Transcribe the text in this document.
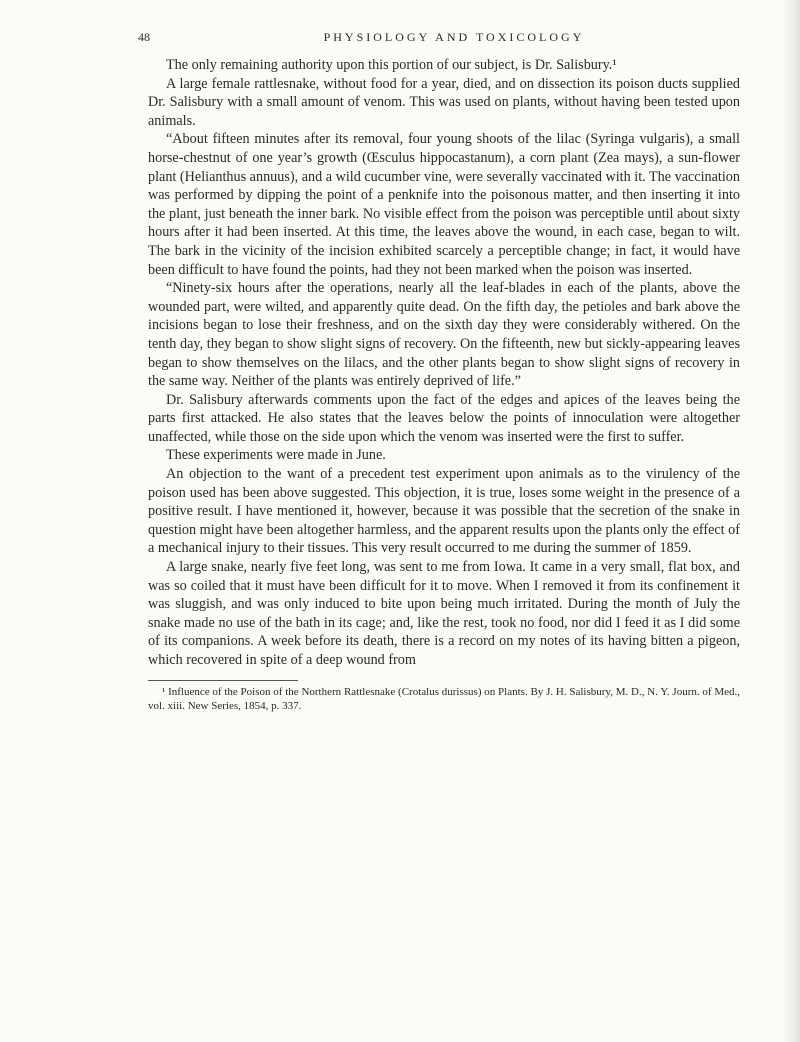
48	PHYSIOLOGY AND TOXICOLOGY

The only remaining authority upon this portion of our subject, is Dr. Salisbury.¹

A large female rattlesnake, without food for a year, died, and on dissection its poison ducts supplied Dr. Salisbury with a small amount of venom. This was used on plants, without having been tested upon animals.

“About fifteen minutes after its removal, four young shoots of the lilac (Syringa vulgaris), a small horse-chestnut of one year’s growth (Œsculus hippocastanum), a corn plant (Zea mays), a sun-flower plant (Helianthus annuus), and a wild cucumber vine, were severally vaccinated with it. The vaccination was performed by dipping the point of a penknife into the poisonous matter, and then inserting it into the plant, just beneath the inner bark. No visible effect from the poison was perceptible until about sixty hours after it had been inserted. At this time, the leaves above the wound, in each case, began to wilt. The bark in the vicinity of the incision exhibited scarcely a perceptible change; in fact, it would have been difficult to have found the points, had they not been marked when the poison was inserted.

“Ninety-six hours after the operations, nearly all the leaf-blades in each of the plants, above the wounded part, were wilted, and apparently quite dead. On the fifth day, the petioles and bark above the incisions began to lose their freshness, and on the sixth day they were considerably withered. On the tenth day, they began to show slight signs of recovery. On the fifteenth, new but sickly-appearing leaves began to show themselves on the lilacs, and the other plants began to show slight signs of recovery in the same way. Neither of the plants was entirely deprived of life.”

Dr. Salisbury afterwards comments upon the fact of the edges and apices of the leaves being the parts first attacked. He also states that the leaves below the points of innoculation were altogether unaffected, while those on the side upon which the venom was inserted were the first to suffer.

These experiments were made in June.

An objection to the want of a precedent test experiment upon animals as to the virulency of the poison used has been above suggested. This objection, it is true, loses some weight in the presence of a positive result. I have mentioned it, however, because it was possible that the secretion of the snake in question might have been altogether harmless, and the apparent results upon the plants only the effect of a mechanical injury to their tissues. This very result occurred to me during the summer of 1859.

A large snake, nearly five feet long, was sent to me from Iowa. It came in a very small, flat box, and was so coiled that it must have been difficult for it to move. When I removed it from its confinement it was sluggish, and was only induced to bite upon being much irritated. During the month of July the snake made no use of the bath in its cage; and, like the rest, took no food, nor did I feed it as I did some of its companions. A week before its death, there is a record on my notes of its having bitten a pigeon, which recovered in spite of a deep wound from

¹ Influence of the Poison of the Northern Rattlesnake (Crotalus durissus) on Plants. By J. H. Salisbury, M. D., N. Y. Journ. of Med., vol. xiii. New Series, 1854, p. 337.
